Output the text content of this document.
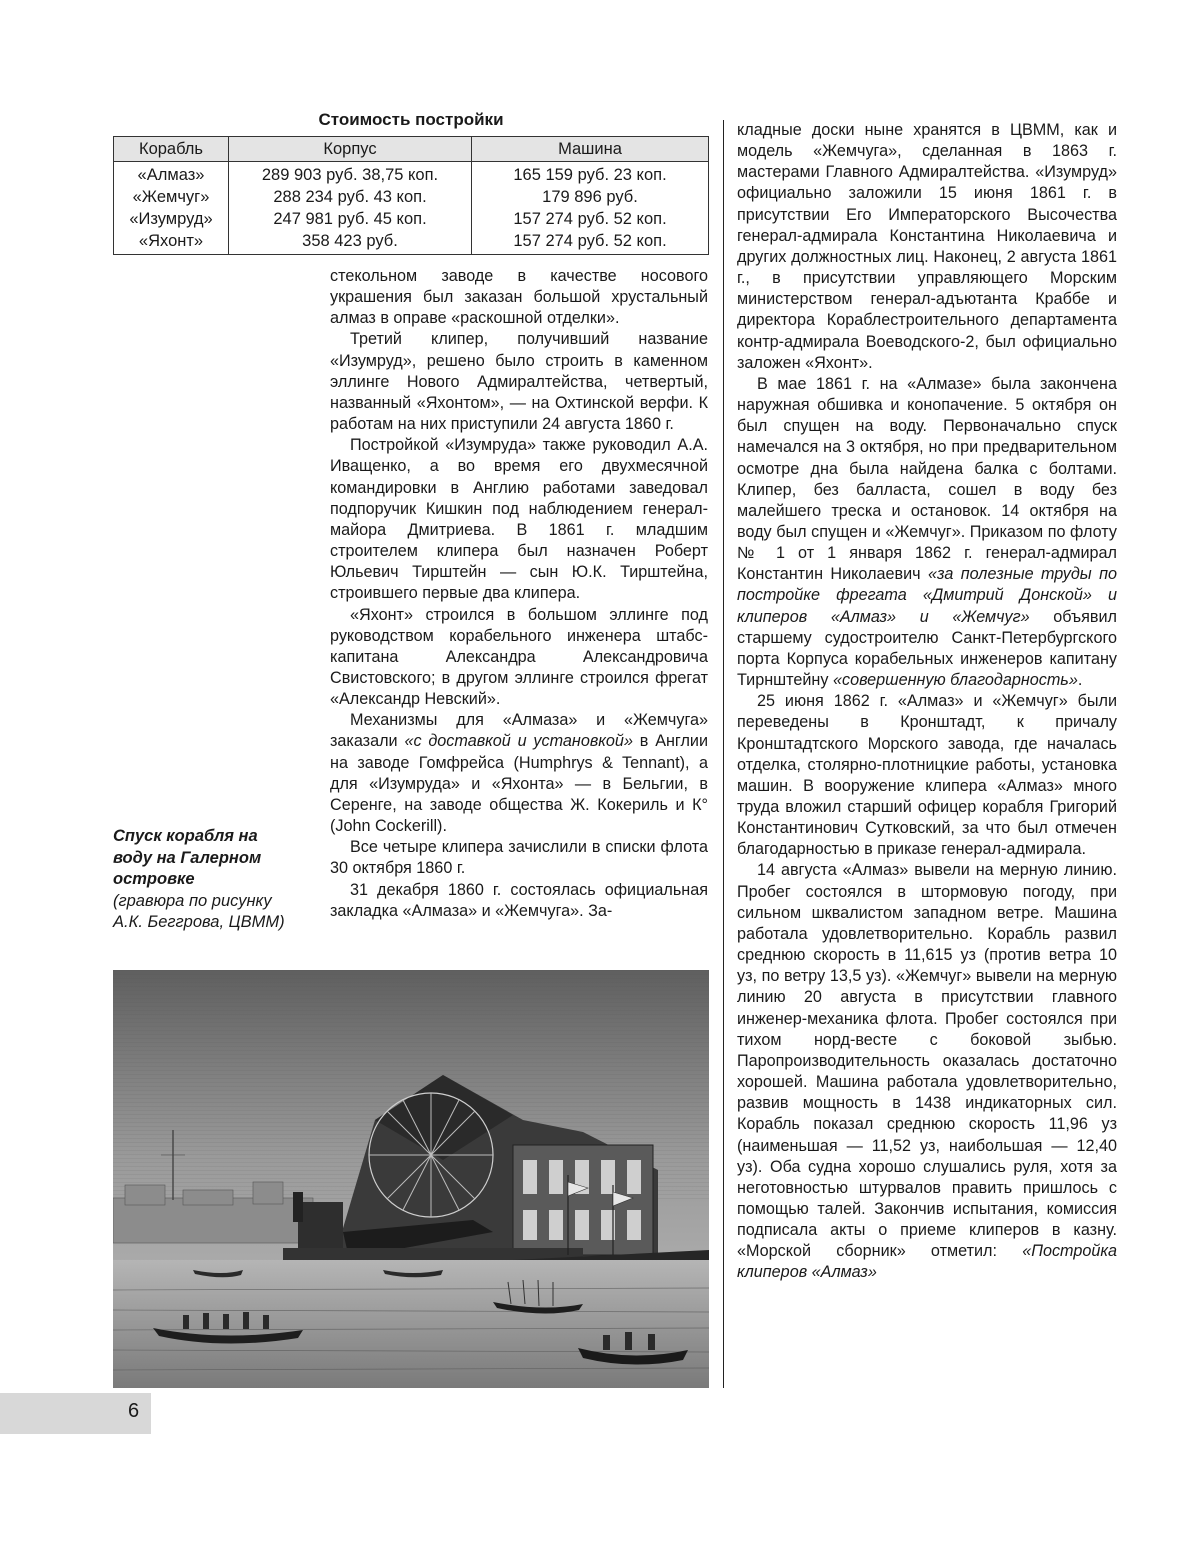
Стоимость постройки
Корабль	Корпус	Машина
«Алмаз»	289 903 руб. 38,75 коп.	165 159 руб. 23 коп.
«Жемчуг»	288 234 руб. 43 коп.	179 896 руб.
«Изумруд»	247 981 руб. 45 коп.	157 274 руб. 52 коп.
«Яхонт»	358 423 руб.	157 274 руб. 52 коп.

стекольном заводе в качестве носового украшения был заказан большой хрустальный алмаз в оправе «раскошной отделки».

Третий клипер, получивший название «Изумруд», решено было строить в каменном эллинге Нового Адмиралтейства, четвертый, названный «Яхонтом», — на Охтинской верфи. К работам на них приступили 24 августа 1860 г.

Постройкой «Изумруда» также руководил А.А. Иващенко, а во время его двухмесячной командировки в Англию работами заведовал подпоручик Кишкин под наблюдением генерал-майора Дмитриева. В 1861 г. младшим строителем клипера был назначен Роберт Юльевич Тирштейн — сын Ю.К. Тирштейна, строившего первые два клипера.

«Яхонт» строился в большом эллинге под руководством корабельного инженера штабс-капитана Александра Александровича Свистовского; в другом эллинге строился фрегат «Александр Невский».

Механизмы для «Алмаза» и «Жемчуга» заказали «с доставкой и установкой» в Англии на заводе Гомфрейса (Humphrys & Tennant), а для «Изумруда» и «Яхонта» — в Бельгии, в Серенге, на заводе общества Ж. Кокериль и К° (John Cockerill).

Все четыре клипера зачислили в списки флота 30 октября 1860 г.

31 декабря 1860 г. состоялась официальная закладка «Алмаза» и «Жемчуга». За-

кладные доски ныне хранятся в ЦВММ, как и модель «Жемчуга», сделанная в 1863 г. мастерами Главного Адмиралтейства. «Изумруд» официально заложили 15 июня 1861 г. в присутствии Его Императорского Высочества генерал-адмирала Константина Николаевича и других должностных лиц. Наконец, 2 августа 1861 г., в присутствии управляющего Морским министерством генерал-адъютанта Краббе и директора Кораблестроительного департамента контр-адмирала Воеводского-2, был официально заложен «Яхонт».

В мае 1861 г. на «Алмазе» была закончена наружная обшивка и конопачение. 5 октября он был спущен на воду. Первоначально спуск намечался на 3 октября, но при предварительном осмотре дна была найдена балка с болтами. Клипер, без балласта, сошел в воду без малейшего треска и остановок. 14 октября на воду был спущен и «Жемчуг». Приказом по флоту № 1 от 1 января 1862 г. генерал-адмирал Константин Николаевич «за полезные труды по постройке фрегата «Дмитрий Донской» и клиперов «Алмаз» и «Жемчуг» объявил старшему судостроителю Санкт-Петербургского порта Корпуса корабельных инженеров капитану Тирнштейну «совершенную благодарность».

25 июня 1862 г. «Алмаз» и «Жемчуг» были переведены в Кронштадт, к причалу Кронштадтского Морского завода, где началась отделка, столярно-плотницкие работы, установка машин. В вооружение клипера «Алмаз» много труда вложил старший офицер корабля Григорий Константинович Сутковский, за что был отмечен благодарностью в приказе генерал-адмирала.

14 августа «Алмаз» вывели на мерную линию. Пробег состоялся в штормовую погоду, при сильном шквалистом западном ветре. Машина работала удовлетворительно. Корабль развил среднюю скорость в 11,615 уз (против ветра 10 уз, по ветру 13,5 уз). «Жемчуг» вывели на мерную линию 20 августа в присутствии главного инженер-механика флота. Пробег состоялся при тихом норд-весте с боковой зыбью. Паропроизводительность оказалась достаточно хорошей. Машина работала удовлетворительно, развив мощность в 1438 индикаторных сил. Корабль показал среднюю скорость 11,96 уз (наименьшая — 11,52 уз, наибольшая — 12,40 уз). Оба судна хорошо слушались руля, хотя за неготовностью штурвалов править пришлось с помощью талей. Закончив испытания, комиссия подписала акты о приеме клиперов в казну. «Морской сборник» отметил: «Постройка клиперов «Алмаз»

Спуск корабля на воду на Галерном островке
(гравюра по рисунку А.К. Беггрова, ЦВММ)
6
